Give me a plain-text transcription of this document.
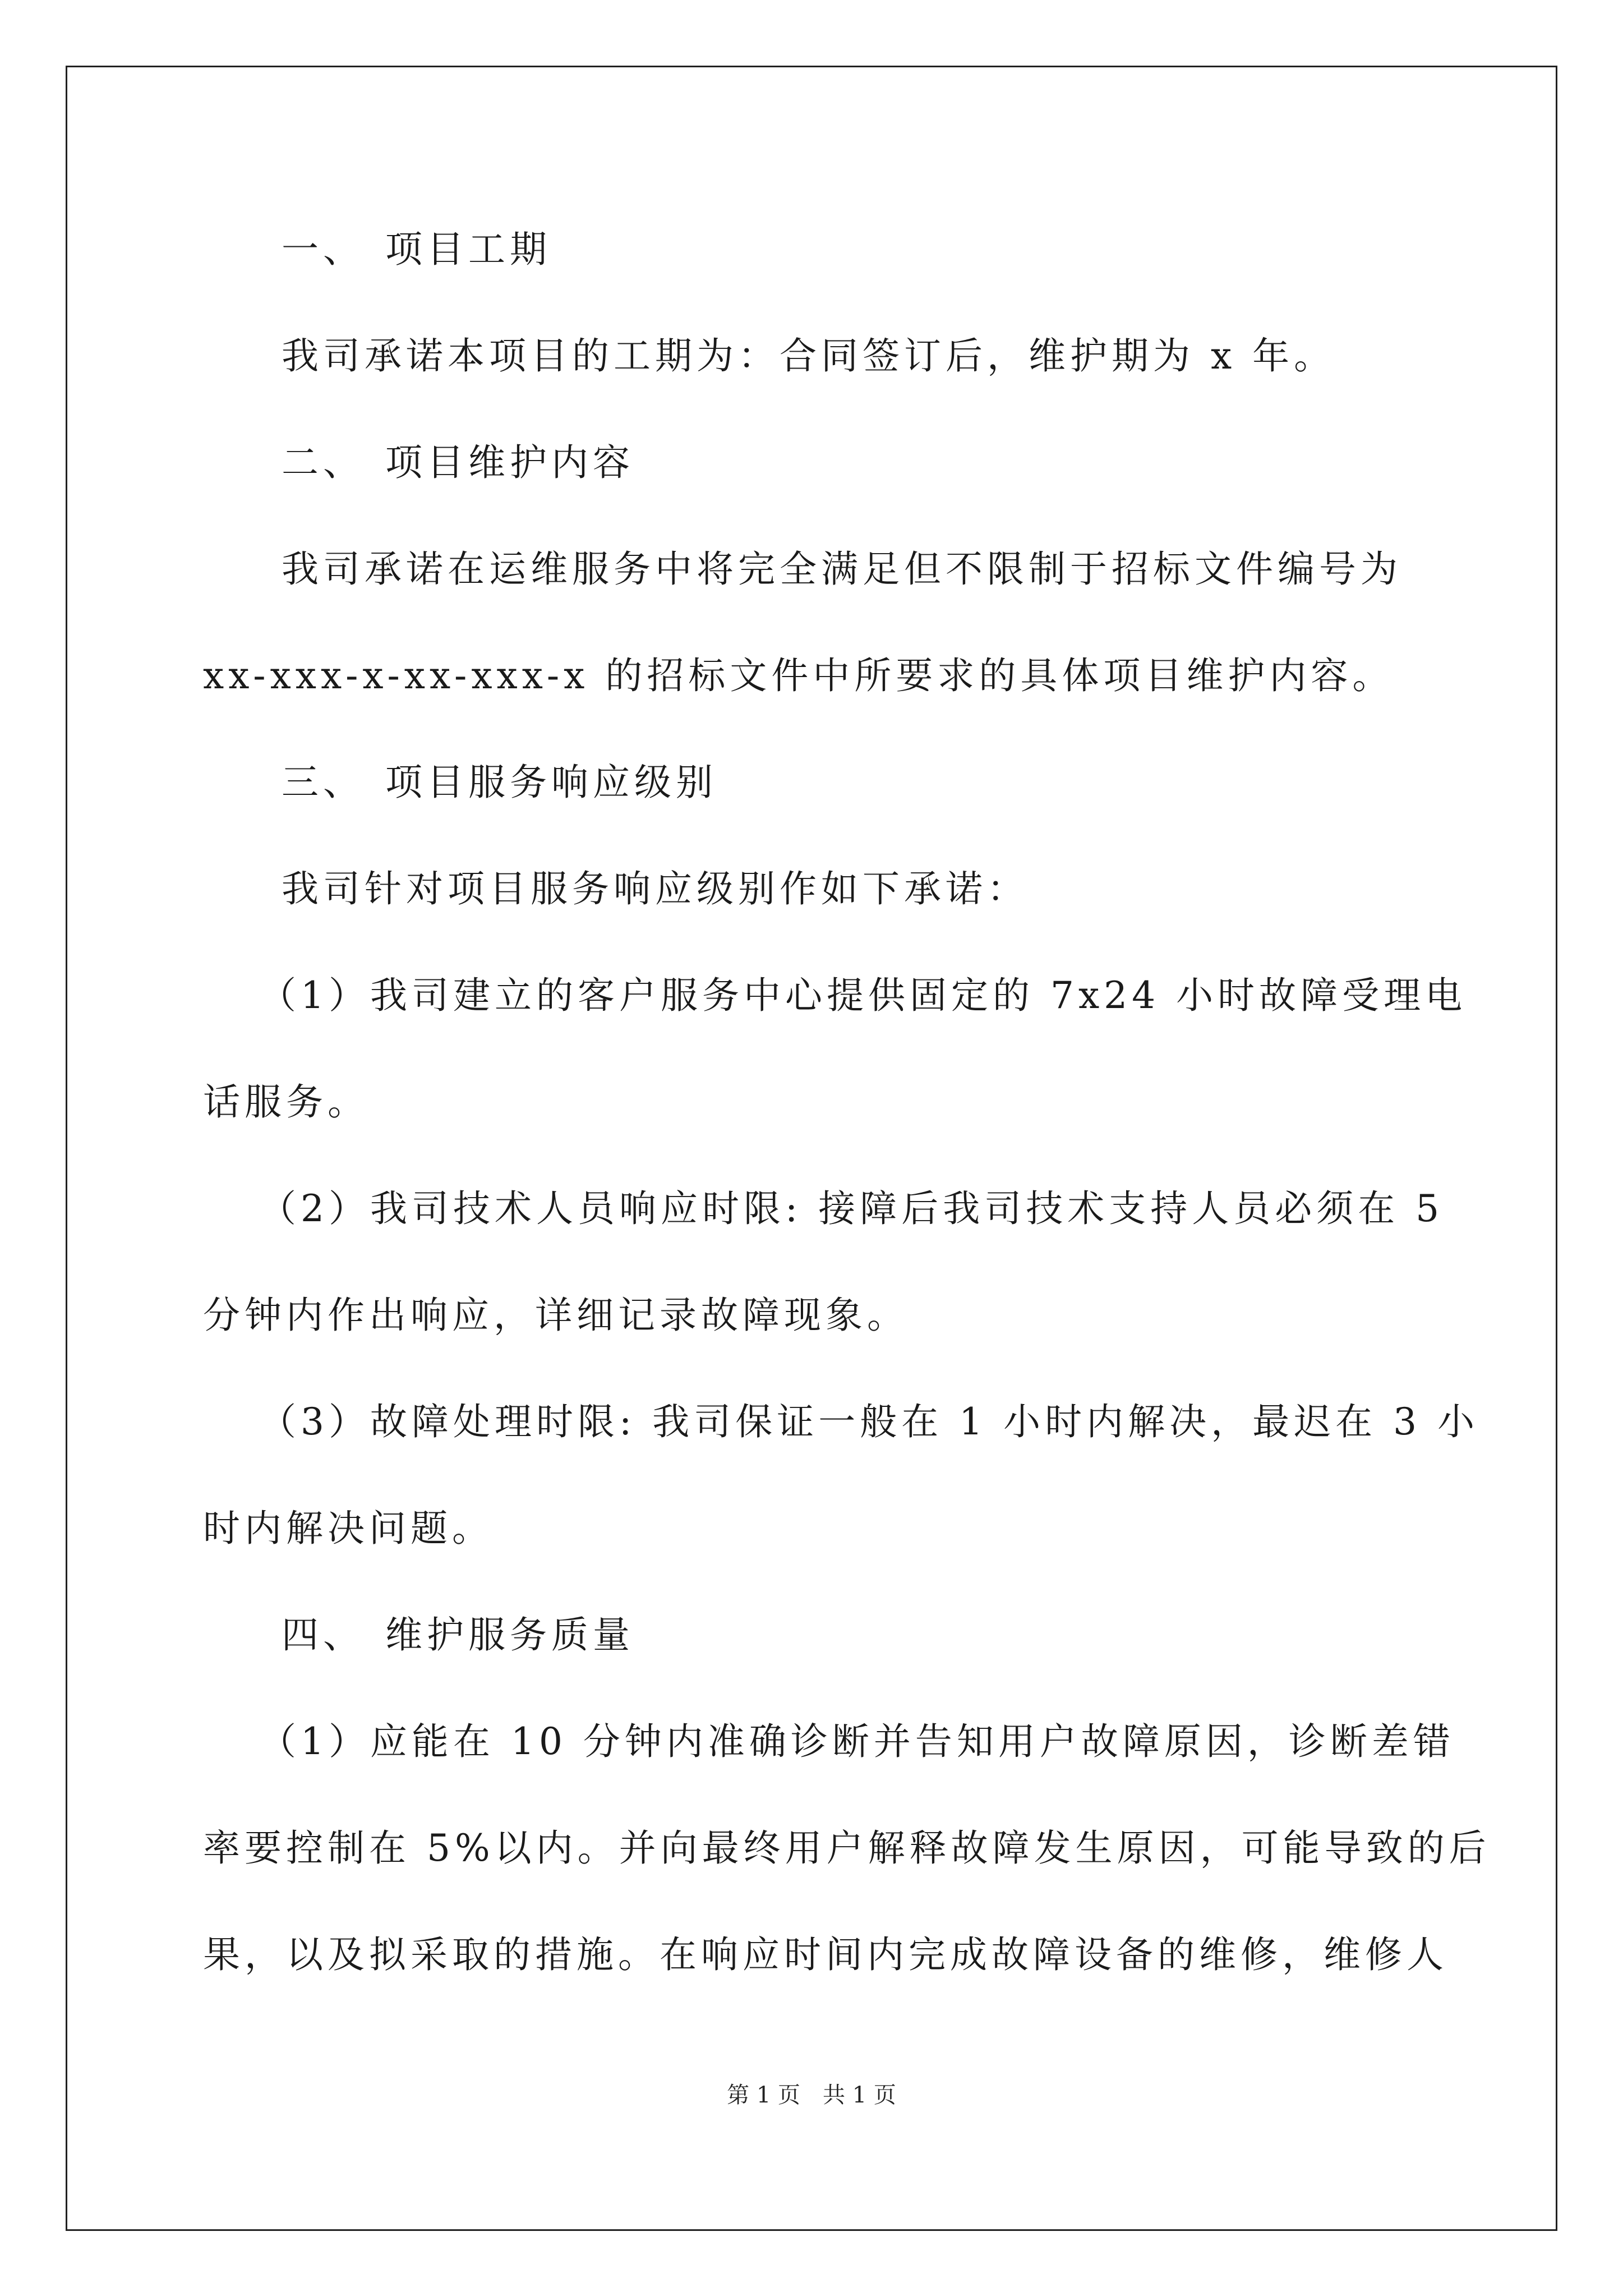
一、 项目工期
我司承诺本项目的工期为：合同签订后，维护期为 x 年。
二、 项目维护内容
我司承诺在运维服务中将完全满足但不限制于招标文件编号为
xx-xxx-x-xx-xxx-x 的招标文件中所要求的具体项目维护内容。
三、 项目服务响应级别
我司针对项目服务响应级别作如下承诺：
（1）我司建立的客户服务中心提供固定的 7x24 小时故障受理电
话服务。
（2）我司技术人员响应时限: 接障后我司技术支持人员必须在 5
分钟内作出响应，详细记录故障现象。
（3）故障处理时限: 我司保证一般在 1 小时内解决，最迟在 3 小
时内解决问题。
四、 维护服务质量
（1）应能在 10 分钟内准确诊断并告知用户故障原因，诊断差错
率要控制在 5%以内。并向最终用户解释故障发生原因，可能导致的后
果，以及拟采取的措施。在响应时间内完成故障设备的维修，维修人
第 1 页　共 1 页
